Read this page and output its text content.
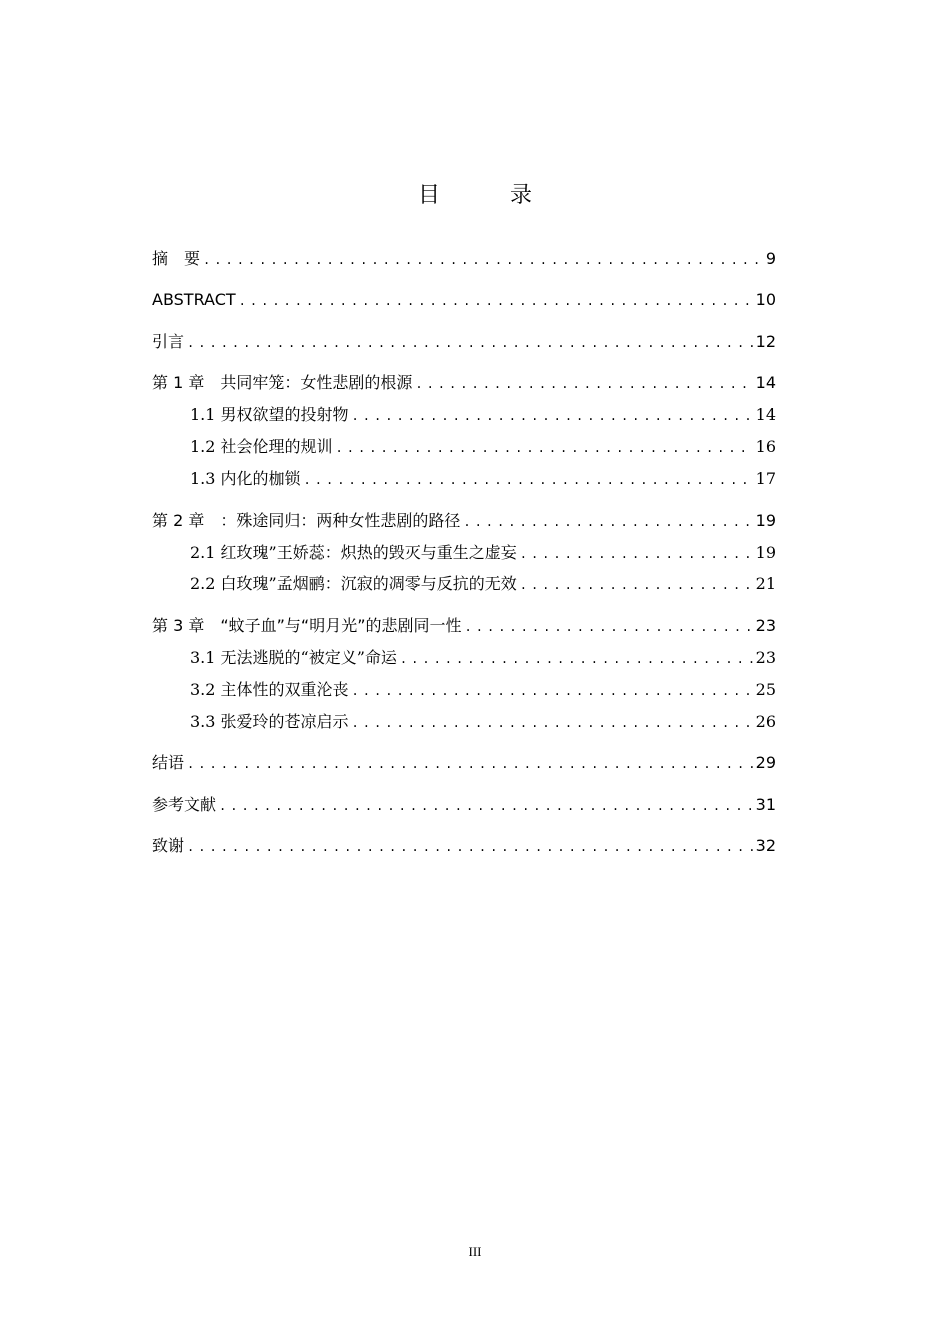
目　录
摘　要 .....	9
ABSTRACT .....	10
引言 .....	12
第 1 章　共同牢笼：女性悲剧的根源 .....	14
1.1 男权欲望的投射物 .....	14
1.2 社会伦理的规训 .....	16
1.3 内化的枷锁 .....	17
第 2 章　：殊途同归：两种女性悲剧的路径 .....	19
2.1 红玫瑰”王娇蕊：炽热的毁灭与重生之虚妄 .....	19
2.2 白玫瑰”孟烟鹂：沉寂的凋零与反抗的无效 .....	21
第 3 章　“蚊子血”与“明月光”的悲剧同一性 .....	23
3.1 无法逃脱的“被定义”命运 .....	23
3.2 主体性的双重沦丧 .....	25
3.3 张爱玲的苍凉启示 .....	26
结语 .....	29
参考文献 .....	31
致谢 .....	32
III
